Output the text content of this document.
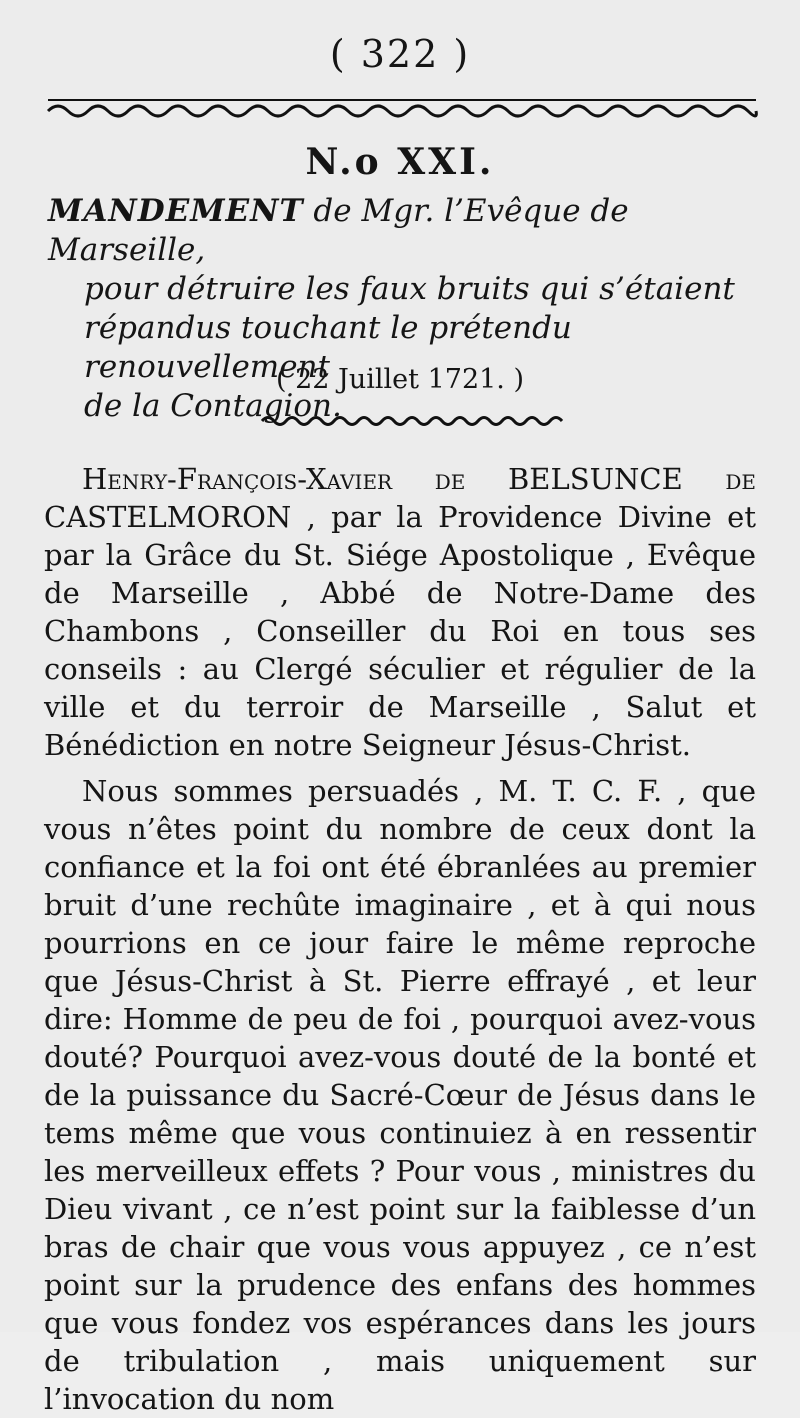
( 322 )
N.o XXI.
MANDEMENT de Mgr. l’Evêque de Marseille,
pour détruire les faux bruits qui s’étaient
répandus touchant le prétendu renouvellement
de la Contagion.
( 22 Juillet 1721. )

Henry-François-Xavier de BELSUNCE de CASTELMORON , par la Providence Divine et par la Grâce du St. Siége Apostolique , Evêque de Marseille , Abbé de Notre-Dame des Chambons , Conseiller du Roi en tous ses conseils : au Clergé séculier et régulier de la ville et du terroir de Marseille , Salut et Bénédiction en notre Seigneur Jésus-Christ.

Nous sommes persuadés , M. T. C. F. , que vous n’êtes point du nombre de ceux dont la confiance et la foi ont été ébranlées au premier bruit d’une rechûte imaginaire , et à qui nous pourrions en ce jour faire le même reproche que Jésus-Christ à St. Pierre effrayé , et leur dire: Homme de peu de foi , pourquoi avez-vous douté? Pourquoi avez-vous douté de la bonté et de la puissance du Sacré-Cœur de Jésus dans le tems même que vous continuiez à en ressentir les merveilleux effets ? Pour vous , ministres du Dieu vivant , ce n’est point sur la faiblesse d’un bras de chair que vous vous appuyez , ce n’est point sur la prudence des enfans des hommes que vous fondez vos espérances dans les jours de tribulation , mais uniquement sur l’invocation du nom
